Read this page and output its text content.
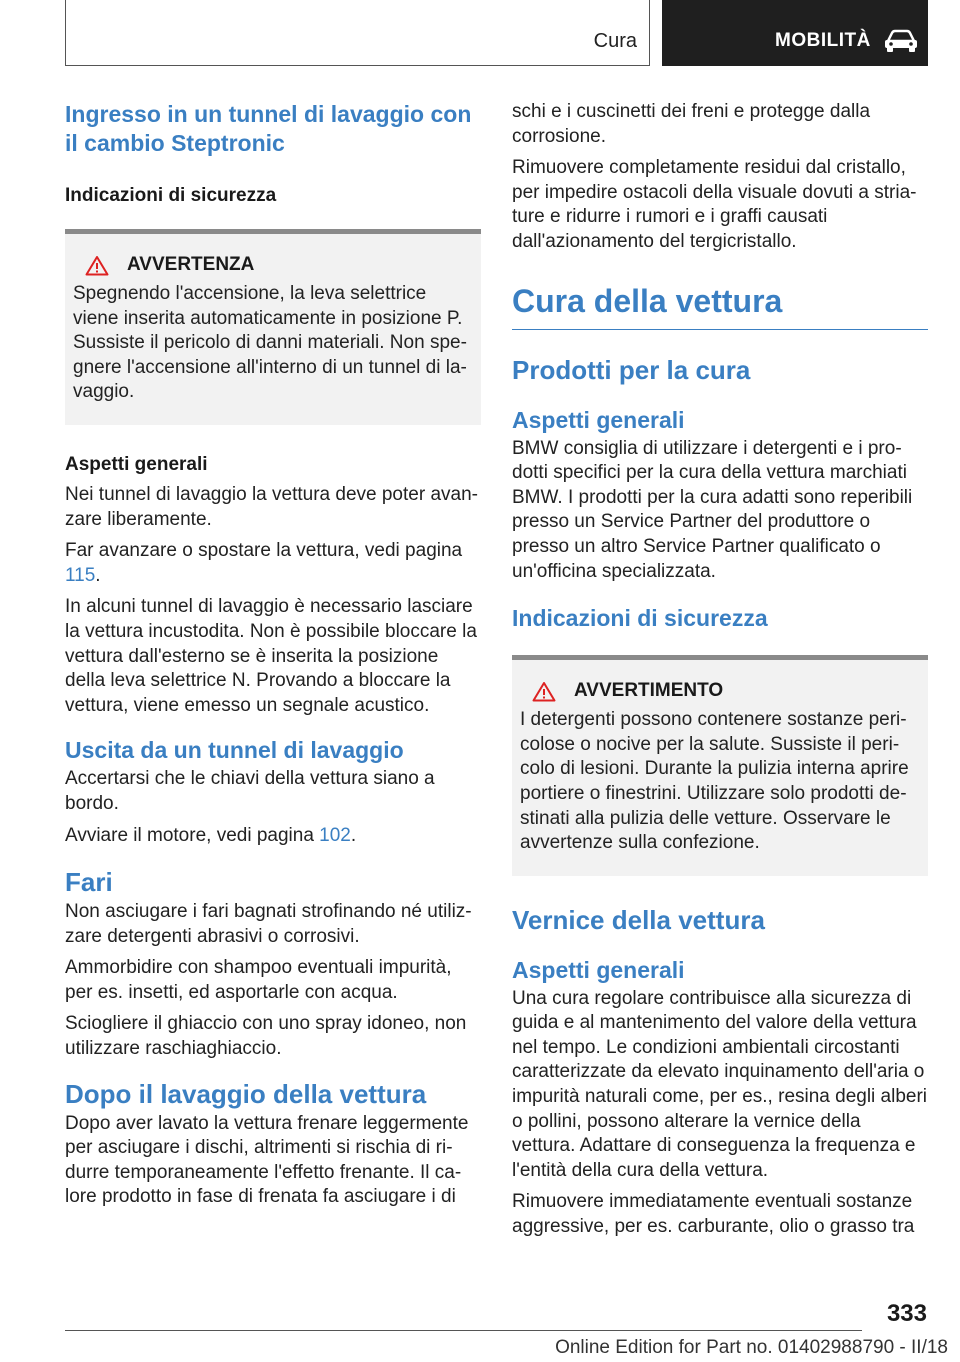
Cura	MOBILITÀ
Ingresso in un tunnel di lavaggio con il cambio Steptronic
Indicazioni di sicurezza
AVVERTENZA
Spegnendo l'accensione, la leva selettrice viene inserita automaticamente in posizione P. Sussiste il pericolo di danni materiali. Non spegnere l'accensione all'interno di un tunnel di lavaggio.
Aspetti generali

Nei tunnel di lavaggio la vettura deve poter avanzare liberamente.

Far avanzare o spostare la vettura, vedi pagina 115.

In alcuni tunnel di lavaggio è necessario lasciare la vettura incustodita. Non è possibile bloccare la vettura dall'esterno se è inserita la posizione della leva selettrice N. Provando a bloccare la vettura, viene emesso un segnale acustico.

Uscita da un tunnel di lavaggio

Accertarsi che le chiavi della vettura siano a bordo.

Avviare il motore, vedi pagina 102.

Fari

Non asciugare i fari bagnati strofinando né utilizzare detergenti abrasivi o corrosivi.

Ammorbidire con shampoo eventuali impurità, per es. insetti, ed asportarle con acqua.

Sciogliere il ghiaccio con uno spray idoneo, non utilizzare raschiaghiaccio.

Dopo il lavaggio della vettura

Dopo aver lavato la vettura frenare leggermente per asciugare i dischi, altrimenti si rischia di ridurre temporaneamente l'effetto frenante. Il calore prodotto in fase di frenata fa asciugare i di

schi e i cuscinetti dei freni e protegge dalla corrosione.

Rimuovere completamente residui dal cristallo, per impedire ostacoli della visuale dovuti a striature e ridurre i rumori e i graffi causati dall'azionamento del tergicristallo.

Cura della vettura
Prodotti per la cura
Aspetti generali

BMW consiglia di utilizzare i detergenti e i prodotti specifici per la cura della vettura marchiati BMW. I prodotti per la cura adatti sono reperibili presso un Service Partner del produttore o presso un altro Service Partner qualificato o un'officina specializzata.

Indicazioni di sicurezza
AVVERTIMENTO
I detergenti possono contenere sostanze pericolose o nocive per la salute. Sussiste il pericolo di lesioni. Durante la pulizia interna aprire portiere o finestrini. Utilizzare solo prodotti destinati alla pulizia delle vetture. Osservare le avvertenze sulla confezione.
Vernice della vettura
Aspetti generali

Una cura regolare contribuisce alla sicurezza di guida e al mantenimento del valore della vettura nel tempo. Le condizioni ambientali circostanti caratterizzate da elevato inquinamento dell'aria o impurità naturali come, per es., resina degli alberi o pollini, possono alterare la vernice della vettura. Adattare di conseguenza la frequenza e l'entità della cura della vettura.

Rimuovere immediatamente eventuali sostanze aggressive, per es. carburante, olio o grasso tra

333
Online Edition for Part no. 01402988790 - II/18
